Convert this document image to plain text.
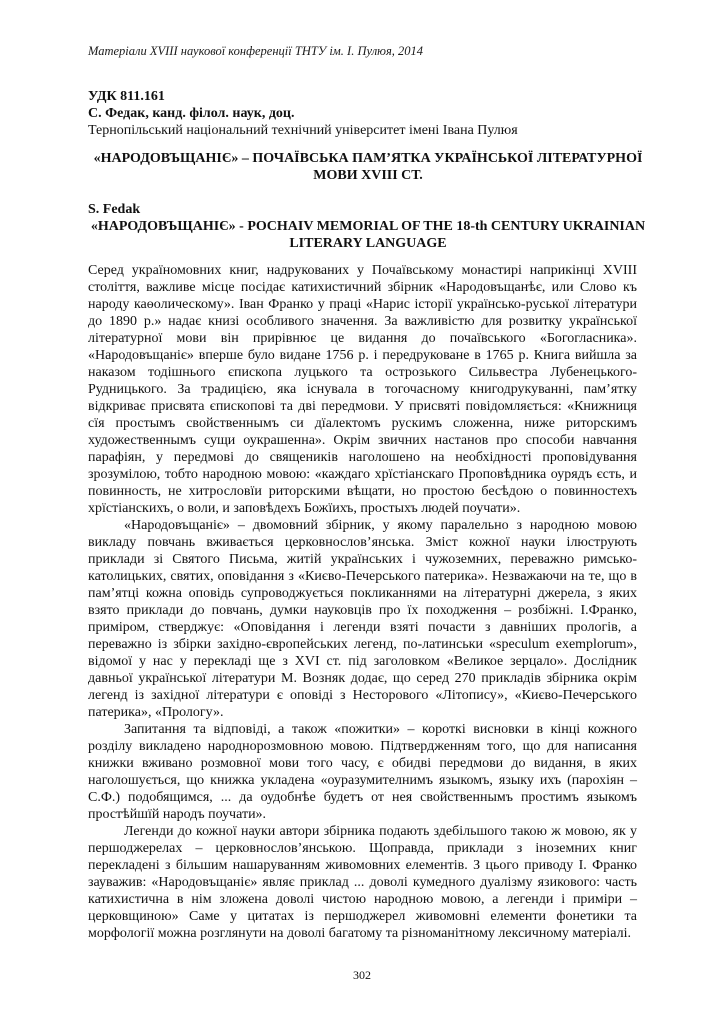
Матеріали XVIII наукової конференції ТНТУ ім. І. Пулюя, 2014
УДК 811.161
С. Федак, канд. філол. наук, доц.
Тернопільський національний технічний університет імені Івана Пулюя
«НАРОДОВЪЩАНІЄ» – ПОЧАЇВСЬКА ПАМ’ЯТКА УКРАЇНСЬКОЇ ЛІТЕРАТУРНОЇ МОВИ XVIII СТ.
S. Fedak
«НАРОДОВЪЩАНІЄ» - POCHAIV MEMORIAL OF THE 18-th CENTURY UKRAINIAN LITERARY LANGUAGE

Серед україномовних книг, надрукованих у Почаївському монастирі наприкінці XVIII століття, важливе місце посідає катихистичний збірник «Народовъщанѣє, или Слово къ народу каѳолическому». Іван Франко у праці «Нарис історії українсько-руської літератури до 1890 р.» надає книзі особливого значення. За важливістю для розвитку української літературної мови він прирівнює це видання до почаївського «Богогласника». «Народовъщаніє» вперше було видане 1756 р. і передруковане в 1765 р. Книга вийшла за наказом тодішнього єпископа луцького та острозького Сильвестра Лубенецького-Рудницького. За традицією, яка існувала в тогочасному книгодрукуванні, пам’ятку відкриває присвята єпископові та дві передмови. У присвяті повідомляється: «Книжниця сїя простымъ свойственнымъ си дїалектомъ рускимъ сложенна, ниже риторскимъ художественнымъ сущи оукрашенна». Окрім звичних настанов про способи навчання парафіян, у передмові до священиків наголошено на необхідності проповідування зрозумілою, тобто народною мовою: «каждаго хрїстіанскаго Проповѣдника оурядъ єсть, и повинность, не хитрословїи риторскими вѣщати, но простою бесѣдою о повинностехъ хрїстіанскихъ, о воли, и заповѣдехъ Божїихъ, простыхъ людей поучати».

«Народовъщаніє» – двомовний збірник, у якому паралельно з народною мовою викладу повчань вживається церковнослов’янська. Зміст кожної науки ілюструють приклади зі Святого Письма, житій українських і чужоземних, переважно римсько-католицьких, святих, оповідання з «Києво-Печерського патерика». Незважаючи на те, що в пам’ятці кожна оповідь супроводжується покликаннями на літературні джерела, з яких взято приклади до повчань, думки науковців про їх походження – розбіжні. І.Франко, приміром, стверджує: «Оповідання і легенди взяті почасти з давніших прологів, а переважно із збірки західно-європейських легенд, по-латинськи «speculum exemplorum», відомої у нас у перекладі ще з XVI ст. під заголовком «Великое зерцало». Дослідник давньої української літератури М. Возняк додає, що серед 270 прикладів збірника окрім легенд із західної літератури є оповіді з Несторового «Літопису», «Києво-Печерського патерика», «Прологу».

Запитання та відповіді, а також «пожитки» – короткі висновки в кінці кожного розділу викладено народнорозмовною мовою. Підтвердженням того, що для написання книжки вживано розмовної мови того часу, є обидві передмови до видання, в яких наголошується, що книжка укладена «оуразумителнимъ языкомъ, языку ихъ (парохіян – С.Ф.) подобящимся, ... да оудобнѣе будетъ от нея свойственнымъ простимъ языкомъ простѣйшїй народъ поучати».

Легенди до кожної науки автори збірника подають здебільшого такою ж мовою, як у першоджерелах – церковнослов’янською. Щоправда, приклади з іноземних книг перекладені з більшим нашаруванням живомовних елементів. З цього приводу І. Франко зауважив: «Народовъщаніє» являє приклад ... доволі кумедного дуалізму язикового: часть катихистична в нім зложена доволі чистою народною мовою, а легенди і приміри – церковщиною» Саме у цитатах із першоджерел живомовні елементи фонетики та морфології можна розглянути на доволі багатому та різноманітному лексичному матеріалі.

302
